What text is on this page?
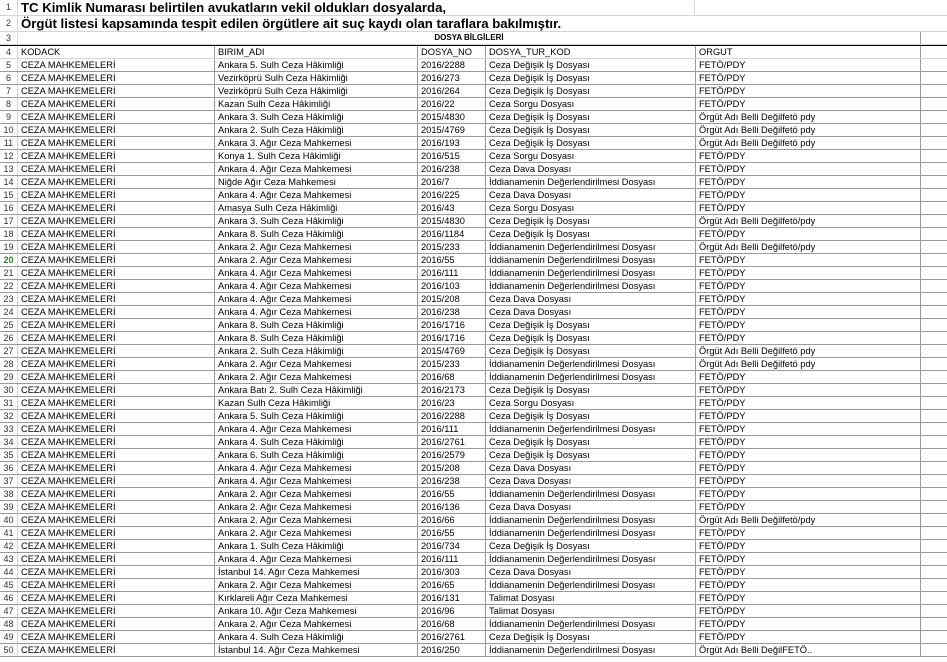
1 TC Kimlik Numarası belirtilen avukatların vekil oldukları dosyalarda,
2 Örgüt listesi kapsamında tespit edilen örgütlere ait suç kaydı olan taraflara bakılmıştır.
3	DOSYA BİLGİLERİ
4	KODACK	BIRIM_ADI	DOSYA_NO	DOSYA_TUR_KOD	ORGUT
5	CEZA MAHKEMELERİ	Ankara 5. Sulh Ceza Hâkimliği	2016/2288	Ceza Değişik İş Dosyası	FETÖ/PDY
6	CEZA MAHKEMELERİ	Vezirköprü Sulh Ceza Hâkimliği	2016/273	Ceza Değişik İş Dosyası	FETÖ/PDY
7	CEZA MAHKEMELERİ	Vezirköprü Sulh Ceza Hâkimliği	2016/264	Ceza Değişik İş Dosyası	FETÖ/PDY
8	CEZA MAHKEMELERİ	Kazan Sulh Ceza Hâkimliği	2016/22	Ceza Sorgu Dosyası	FETÖ/PDY
9	CEZA MAHKEMELERİ	Ankara 3. Sulh Ceza Hâkimliği	2015/4830	Ceza Değişik İş Dosyası	Örgüt Adı Belli Değilfetö pdy
10 CEZA MAHKEMELERİ	Ankara 2. Sulh Ceza Hâkimliği	2015/4769	Ceza Değişik İş Dosyası	Örgüt Adı Belli Değilfetö pdy
11 CEZA MAHKEMELERİ	Ankara 3. Ağır Ceza Mahkemesi	2016/193	Ceza Değişik İş Dosyası	Örgüt Adı Belli Değilfetö pdy
12 CEZA MAHKEMELERİ	Konya 1. Sulh Ceza Hâkimliği	2016/515	Ceza Sorgu Dosyası	FETÖ/PDY
13 CEZA MAHKEMELERİ	Ankara 4. Ağır Ceza Mahkemesi	2016/238	Ceza Dava Dosyası	FETÖ/PDY
14 CEZA MAHKEMELERİ	Niğde Ağır Ceza Mahkemesi	2016/7	İddianamenin Değerlendirilmesi Dosyası	FETÖ/PDY
15 CEZA MAHKEMELERİ	Ankara 4. Ağır Ceza Mahkemesi	2016/225	Ceza Dava Dosyası	FETÖ/PDY
16 CEZA MAHKEMELERİ	Amasya Sulh Ceza Hâkimliği	2016/43	Ceza Sorgu Dosyası	FETÖ/PDY
17 CEZA MAHKEMELERİ	Ankara 3. Sulh Ceza Hâkimliği	2015/4830	Ceza Değişik İş Dosyası	Örgüt Adı Belli Değilfetö/pdy
18 CEZA MAHKEMELERİ	Ankara 8. Sulh Ceza Hâkimliği	2016/1184	Ceza Değişik İş Dosyası	FETÖ/PDY
19 CEZA MAHKEMELERİ	Ankara 2. Ağır Ceza Mahkemesi	2015/233	İddianamenin Değerlendirilmesi Dosyası	Örgüt Adı Belli Değilfetö/pdy
20 CEZA MAHKEMELERİ	Ankara 2. Ağır Ceza Mahkemesi	2016/55	İddianamenin Değerlendirilmesi Dosyası	FETÖ/PDY
21 CEZA MAHKEMELERİ	Ankara 4. Ağır Ceza Mahkemesi	2016/111	İddianamenin Değerlendirilmesi Dosyası	FETÖ/PDY
22 CEZA MAHKEMELERİ	Ankara 4. Ağır Ceza Mahkemesi	2016/103	İddianamenin Değerlendirilmesi Dosyası	FETÖ/PDY
23 CEZA MAHKEMELERİ	Ankara 4. Ağır Ceza Mahkemesi	2015/208	Ceza Dava Dosyası	FETÖ/PDY
24 CEZA MAHKEMELERİ	Ankara 4. Ağır Ceza Mahkemesi	2016/238	Ceza Dava Dosyası	FETÖ/PDY
25 CEZA MAHKEMELERİ	Ankara 8. Sulh Ceza Hâkimliği	2016/1716	Ceza Değişik İş Dosyası	FETÖ/PDY
26 CEZA MAHKEMELERİ	Ankara 8. Sulh Ceza Hâkimliği	2016/1716	Ceza Değişik İş Dosyası	FETÖ/PDY
27 CEZA MAHKEMELERİ	Ankara 2. Sulh Ceza Hâkimliği	2015/4769	Ceza Değişik İş Dosyası	Örgüt Adı Belli Değilfetö pdy
28 CEZA MAHKEMELERİ	Ankara 2. Ağır Ceza Mahkemesi	2015/233	İddianamenin Değerlendirilmesi Dosyası	Örgüt Adı Belli Değilfetö pdy
29 CEZA MAHKEMELERİ	Ankara 2. Ağır Ceza Mahkemesi	2016/68	İddianamenin Değerlendirilmesi Dosyası	FETÖ/PDY
30 CEZA MAHKEMELERİ	Ankara Batı 2. Sulh Ceza Hâkimliği	2016/2173	Ceza Değişik İş Dosyası	FETÖ/PDY
31 CEZA MAHKEMELERİ	Kazan Sulh Ceza Hâkimliği	2016/23	Ceza Sorgu Dosyası	FETÖ/PDY
32 CEZA MAHKEMELERİ	Ankara 5. Sulh Ceza Hâkimliği	2016/2288	Ceza Değişik İş Dosyası	FETÖ/PDY
33 CEZA MAHKEMELERİ	Ankara 4. Ağır Ceza Mahkemesi	2016/111	İddianamenin Değerlendirilmesi Dosyası	FETÖ/PDY
34 CEZA MAHKEMELERİ	Ankara 4. Sulh Ceza Hâkimliği	2016/2761	Ceza Değişik İş Dosyası	FETÖ/PDY
35 CEZA MAHKEMELERİ	Ankara 6. Sulh Ceza Hâkimliği	2016/2579	Ceza Değişik İş Dosyası	FETÖ/PDY
36 CEZA MAHKEMELERİ	Ankara 4. Ağır Ceza Mahkemesi	2015/208	Ceza Dava Dosyası	FETÖ/PDY
37 CEZA MAHKEMELERİ	Ankara 4. Ağır Ceza Mahkemesi	2016/238	Ceza Dava Dosyası	FETÖ/PDY
38 CEZA MAHKEMELERİ	Ankara 2. Ağır Ceza Mahkemesi	2016/55	İddianamenin Değerlendirilmesi Dosyası	FETÖ/PDY
39 CEZA MAHKEMELERİ	Ankara 2. Ağır Ceza Mahkemesi	2016/136	Ceza Dava Dosyası	FETÖ/PDY
40 CEZA MAHKEMELERİ	Ankara 2. Ağır Ceza Mahkemesi	2016/66	İddianamenin Değerlendirilmesi Dosyası	Örgüt Adı Belli Değilfetö/pdy
41 CEZA MAHKEMELERİ	Ankara 2. Ağır Ceza Mahkemesi	2016/55	İddianamenin Değerlendirilmesi Dosyası	FETÖ/PDY
42 CEZA MAHKEMELERİ	Ankara 1. Sulh Ceza Hâkimliği	2016/734	Ceza Değişik İş Dosyası	FETÖ/PDY
43 CEZA MAHKEMELERİ	Ankara 4. Ağır Ceza Mahkemesi	2016/111	İddianamenin Değerlendirilmesi Dosyası	FETÖ/PDY
44 CEZA MAHKEMELERİ	İstanbul 14. Ağır Ceza Mahkemesi	2016/303	Ceza Dava Dosyası	FETÖ/PDY
45 CEZA MAHKEMELERİ	Ankara 2. Ağır Ceza Mahkemesi	2016/65	İddianamenin Değerlendirilmesi Dosyası	FETÖ/PDY
46 CEZA MAHKEMELERİ	Kırklareli Ağır Ceza Mahkemesi	2016/131	Talimat Dosyası	FETÖ/PDY
47 CEZA MAHKEMELERİ	Ankara 10. Ağır Ceza Mahkemesi	2016/96	Talimat Dosyası	FETÖ/PDY
48 CEZA MAHKEMELERİ	Ankara 2. Ağır Ceza Mahkemesi	2016/68	İddianamenin Değerlendirilmesi Dosyası	FETÖ/PDY
49 CEZA MAHKEMELERİ	Ankara 4. Sulh Ceza Hâkimliği	2016/2761	Ceza Değişik İş Dosyası	FETÖ/PDY
50 CEZA MAHKEMELERİ	İstanbul 14. Ağır Ceza Mahkemesi	2016/250	İddianamenin Değerlendirilmesi Dosyası	Örgüt Adı Belli DeğilFETÖ..
